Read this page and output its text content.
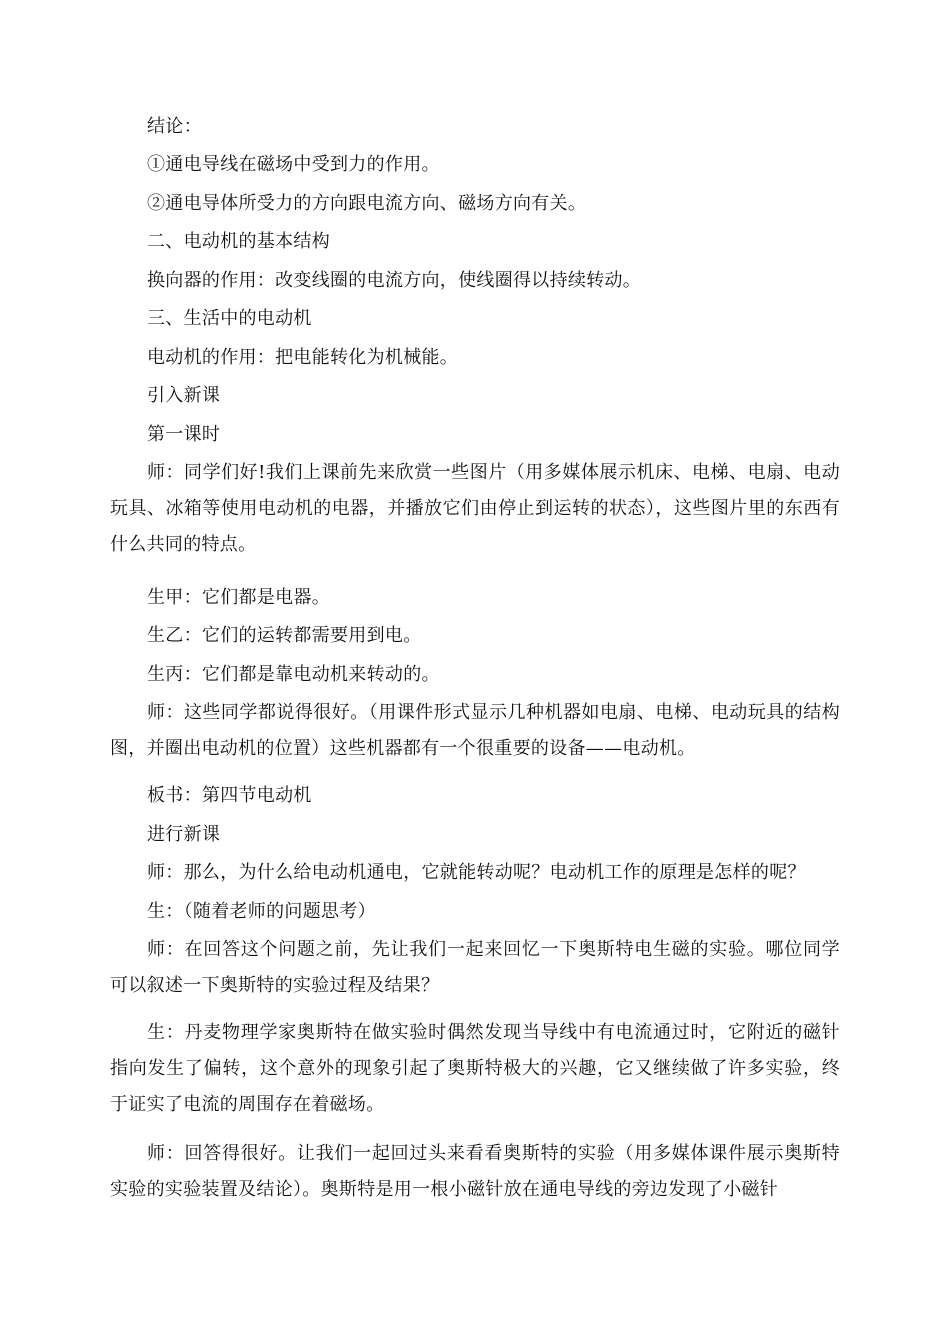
结论：

①通电导线在磁场中受到力的作用。

②通电导体所受力的方向跟电流方向、磁场方向有关。

二、电动机的基本结构

换向器的作用：改变线圈的电流方向，使线圈得以持续转动。

三、生活中的电动机

电动机的作用：把电能转化为机械能。

引入新课

第一课时

师：同学们好!我们上课前先来欣赏一些图片（用多媒体展示机床、电梯、电扇、电动玩具、冰箱等使用电动机的电器，并播放它们由停止到运转的状态），这些图片里的东西有什么共同的特点。

生甲：它们都是电器。

生乙：它们的运转都需要用到电。

生丙：它们都是靠电动机来转动的。

师：这些同学都说得很好。（用课件形式显示几种机器如电扇、电梯、电动玩具的结构图，并圈出电动机的位置）这些机器都有一个很重要的设备——电动机。

板书：第四节电动机

进行新课

师：那么，为什么给电动机通电，它就能转动呢？电动机工作的原理是怎样的呢？

生：（随着老师的问题思考）

师：在回答这个问题之前，先让我们一起来回忆一下奥斯特电生磁的实验。哪位同学可以叙述一下奥斯特的实验过程及结果？

生：丹麦物理学家奥斯特在做实验时偶然发现当导线中有电流通过时，它附近的磁针指向发生了偏转，这个意外的现象引起了奥斯特极大的兴趣，它又继续做了许多实验，终于证实了电流的周围存在着磁场。

师：回答得很好。让我们一起回过头来看看奥斯特的实验（用多媒体课件展示奥斯特实验的实验装置及结论）。奥斯特是用一根小磁针放在通电导线的旁边发现了小磁针
